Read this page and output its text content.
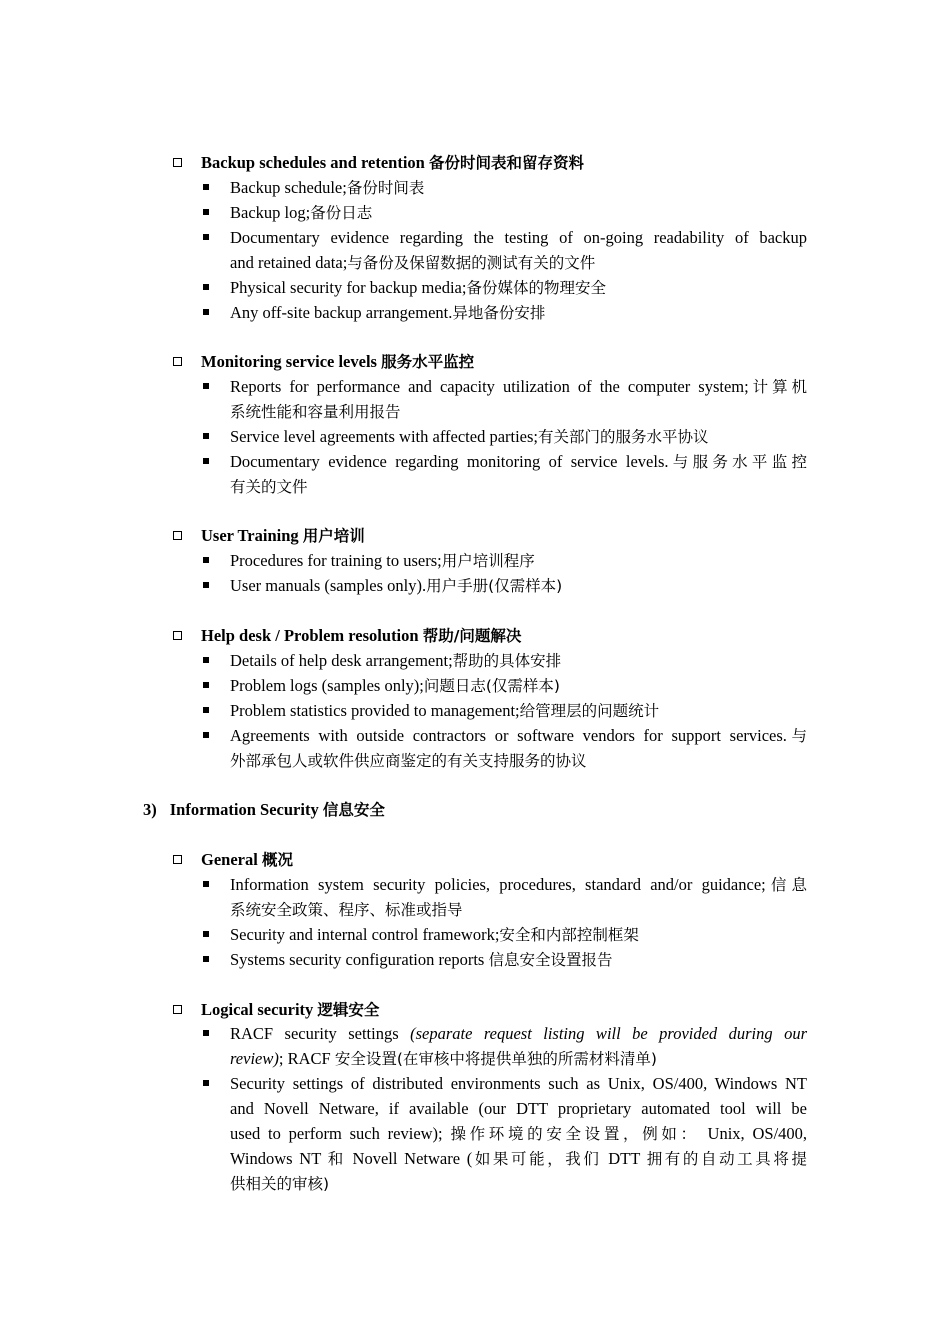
Backup schedules and retention 备份时间表和留存资料
Backup schedule;备份时间表
Backup log;备份日志
Documentary evidence regarding the testing of on-going readability of backup
and retained data;与备份及保留数据的测试有关的文件
Physical security for backup media;备份媒体的物理安全
Any off-site backup arrangement.异地备份安排
Monitoring service levels 服务水平监控
Reports for performance and capacity utilization of the computer system;计算机
系统性能和容量利用报告
Service level agreements with affected parties;有关部门的服务水平协议
Documentary evidence regarding monitoring of service levels.与服务水平监控
有关的文件
User Training 用户培训
Procedures for training to users;用户培训程序
User manuals (samples only).用户手册(仅需样本)
Help desk / Problem resolution 帮助/问题解决
Details of help desk arrangement;帮助的具体安排
Problem logs (samples only);问题日志(仅需样本)
Problem statistics provided to management;给管理层的问题统计
Agreements with outside contractors or software vendors for support services.与
外部承包人或软件供应商鉴定的有关支持服务的协议
3) Information Security 信息安全
General 概况
Information system security policies, procedures, standard and/or guidance;信息
系统安全政策、程序、标准或指导
Security and internal control framework;安全和内部控制框架
Systems security configuration reports 信息安全设置报告
Logical security 逻辑安全
RACF security settings (separate request listing will be provided during our
review); RACF 安全设置(在审核中将提供单独的所需材料清单)
Security settings of distributed environments such as Unix, OS/400, Windows NT
and Novell Netware, if available (our DTT proprietary automated tool will be
used to perform such review); 操作环境的安全设置，例如： Unix, OS/400,
Windows NT 和 Novell Netware (如果可能，我们 DTT 拥有的自动工具将提
供相关的审核)
